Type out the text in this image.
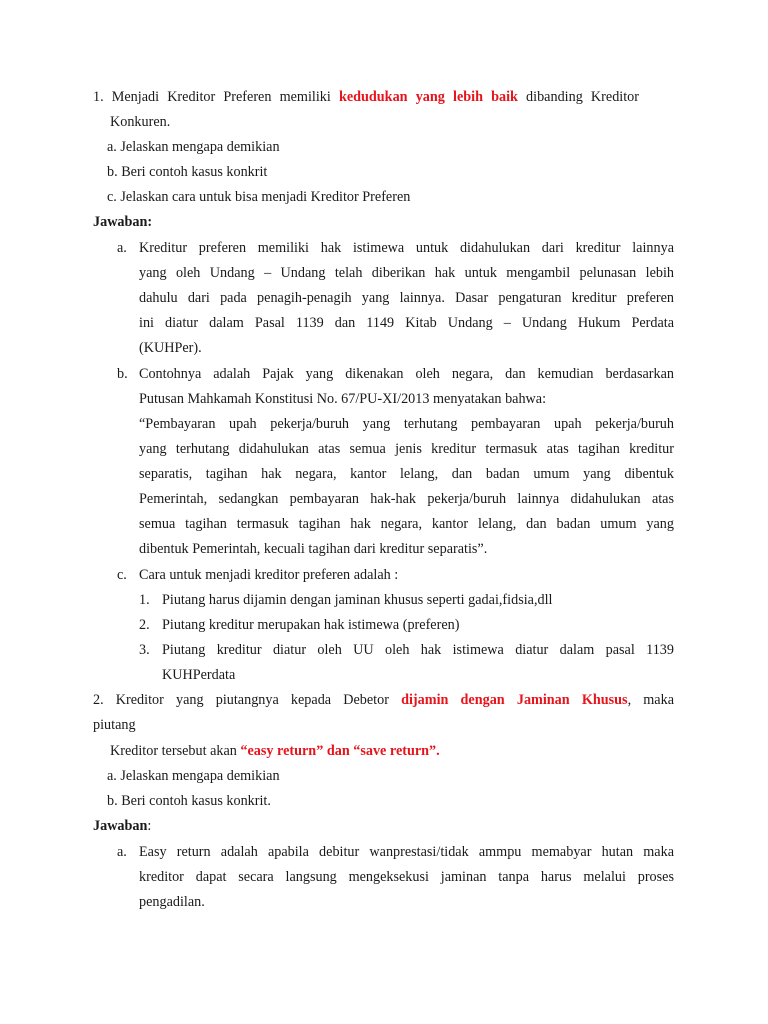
1. Menjadi Kreditor Preferen memiliki kedudukan yang lebih baik dibanding Kreditor
Konkuren.
a. Jelaskan mengapa demikian
b. Beri contoh kasus konkrit
c. Jelaskan cara untuk bisa menjadi Kreditor Preferen
Jawaban:
a. Kreditur preferen memiliki hak istimewa untuk didahulukan dari kreditur lainnya
yang oleh Undang – Undang telah diberikan hak untuk mengambil pelunasan lebih
dahulu dari pada penagih-penagih yang lainnya. Dasar pengaturan kreditur preferen
ini diatur dalam Pasal 1139 dan 1149 Kitab Undang – Undang Hukum Perdata
(KUHPer).
b. Contohnya adalah Pajak yang dikenakan oleh negara, dan kemudian berdasarkan
Putusan Mahkamah Konstitusi No. 67/PU-XI/2013 menyatakan bahwa:
“Pembayaran upah pekerja/buruh yang terhutang pembayaran upah pekerja/buruh
yang terhutang didahulukan atas semua jenis kreditur termasuk atas tagihan kreditur
separatis, tagihan hak negara, kantor lelang, dan badan umum yang dibentuk
Pemerintah, sedangkan pembayaran hak-hak pekerja/buruh lainnya didahulukan atas
semua tagihan termasuk tagihan hak negara, kantor lelang, dan badan umum yang
dibentuk Pemerintah, kecuali tagihan dari kreditur separatis”.
c. Cara untuk menjadi kreditor preferen adalah :
1. Piutang harus dijamin dengan jaminan khusus seperti gadai,fidsia,dll
2. Piutang kreditur merupakan hak istimewa (preferen)
3. Piutang kreditur diatur oleh UU oleh hak istimewa diatur dalam pasal 1139
KUHPerdata
2. Kreditor yang piutangnya kepada Debetor dijamin dengan Jaminan Khusus, maka
piutang
Kreditor tersebut akan “easy return” dan “save return”.
a. Jelaskan mengapa demikian
b. Beri contoh kasus konkrit.
Jawaban:
a. Easy return adalah apabila debitur wanprestasi/tidak ammpu memabyar hutan maka
kreditor dapat secara langsung mengeksekusi jaminan tanpa harus melalui proses
pengadilan.
